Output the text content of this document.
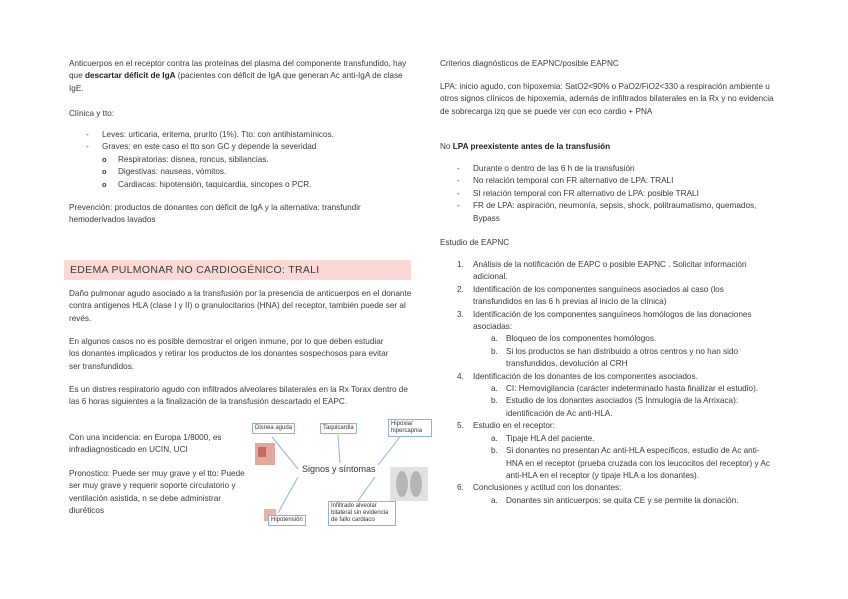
Anticuerpos en el receptor contra las proteínas del plasma del componente transfundido, hay que descartar déficit de IgA (pacientes con déficit de IgA que generan Ac anti-IgA de clase IgE.

Clínica y tto:

- Leves: urticaria, eritema, prurito (1%). Tto: con antihistamínicos.
- Graves: en este caso el tto son GC y depende la severidad
o Respiratorias: disnea, roncus, sibilancias.
o Digestivas: nauseas, vómitos.
o Cardiacas: hipotensión, taquicardia, sincopes o PCR.

Prevención: productos de donantes con déficit de IgA y la alternativa: transfundir hemoderivados lavados

Daño pulmonar agudo asociado a la transfusión por la presencia de anticuerpos en el donante contra antígenos HLA (clase I y II) o granulocitarios (HNA) del receptor, también puede ser al revés.

En algunos casos no es posible demostrar el origen inmune, por lo que deben estudiar los donantes implicados y retirar los productos de los donantes sospechosos para evitar ser transfundidos.

Es un distres respiratorio agudo con infiltrados alveolares bilaterales en la Rx Torax dentro de las 6 horas siguientes a la finalización de la transfusión descartado el EAPC.

Con una incidencia: en Europa 1/8000, es infradiagnosticado en UCIN, UCI

Pronostico: Puede ser muy grave y el tto: Puede ser muy grave y requerir soporte circulatorio y ventilación asistida, n se debe administrar diuréticos

EDEMA PULMONAR NO CARDIOGÉNICO: TRALI
Disnea aguda	Taquicardia
Hipoxia/ hipercapnia
Signos y síntomas
Hipotensión
Infiltrado alveolar bilateral sin evidencia de fallo cardiaco

Criterios diagnósticos de EAPNC/posible EAPNC

LPA: inicio agudo, con hipoxemia: SatO2<90% o PaO2/FiO2<330 a respiración ambiente u otros signos clínicos de hipoxemia, además de infiltrados bilaterales en la Rx y no evidencia de sobrecarga izq que se puede ver con eco cardio + PNA

No LPA preexistente antes de la transfusión

- Durante o dentro de las 6 h de la transfusión
- No relación temporal con FR alternativo de LPA: TRALI
- SI relación temporal con FR alternativo de LPA: posible TRALI
- FR de LPA: aspiración, neumonía, sepsis, shock, politraumatismo, quemados, Bypass

Estudio de EAPNC

1. Análisis de la notificación de EAPC o posible EAPNC . Solicitar información adicional.
2. Identificación de los componentes sanguíneos asociados al caso (los transfundidos en las 6 h previas al inicio de la clínica)
3. Identificación de los componentes sanguíneos homólogos de las donaciones asociadas:
a. Bloqueo de los componentes homólogos.
b. Si los productos se han distribuido a otros centros y no han sido transfundidos, devolución al CRH
4. Identificación de los donantes de los componentes asociados.
a. CI: Hemovigilancia (carácter indeterminado hasta finalizar el estudio).
b. Estudio de los donantes asociados (S Inmulogía de la Arrixaca): identificación de Ac anti-HLA.
5. Estudio en el receptor:
a. Tipaje HLA del paciente.
b. Si donantes no presentan Ac anti-HLA específicos, estudio de Ac anti-HNA en el receptor (prueba cruzada con los leucocitos del receptor) y Ac anti-HLA en el receptor (y tipaje HLA a los donantes).
6. Conclusiones y actitud con los donantes:
a. Donantes sin anticuerpos: se quita CE y se permite la donación.
